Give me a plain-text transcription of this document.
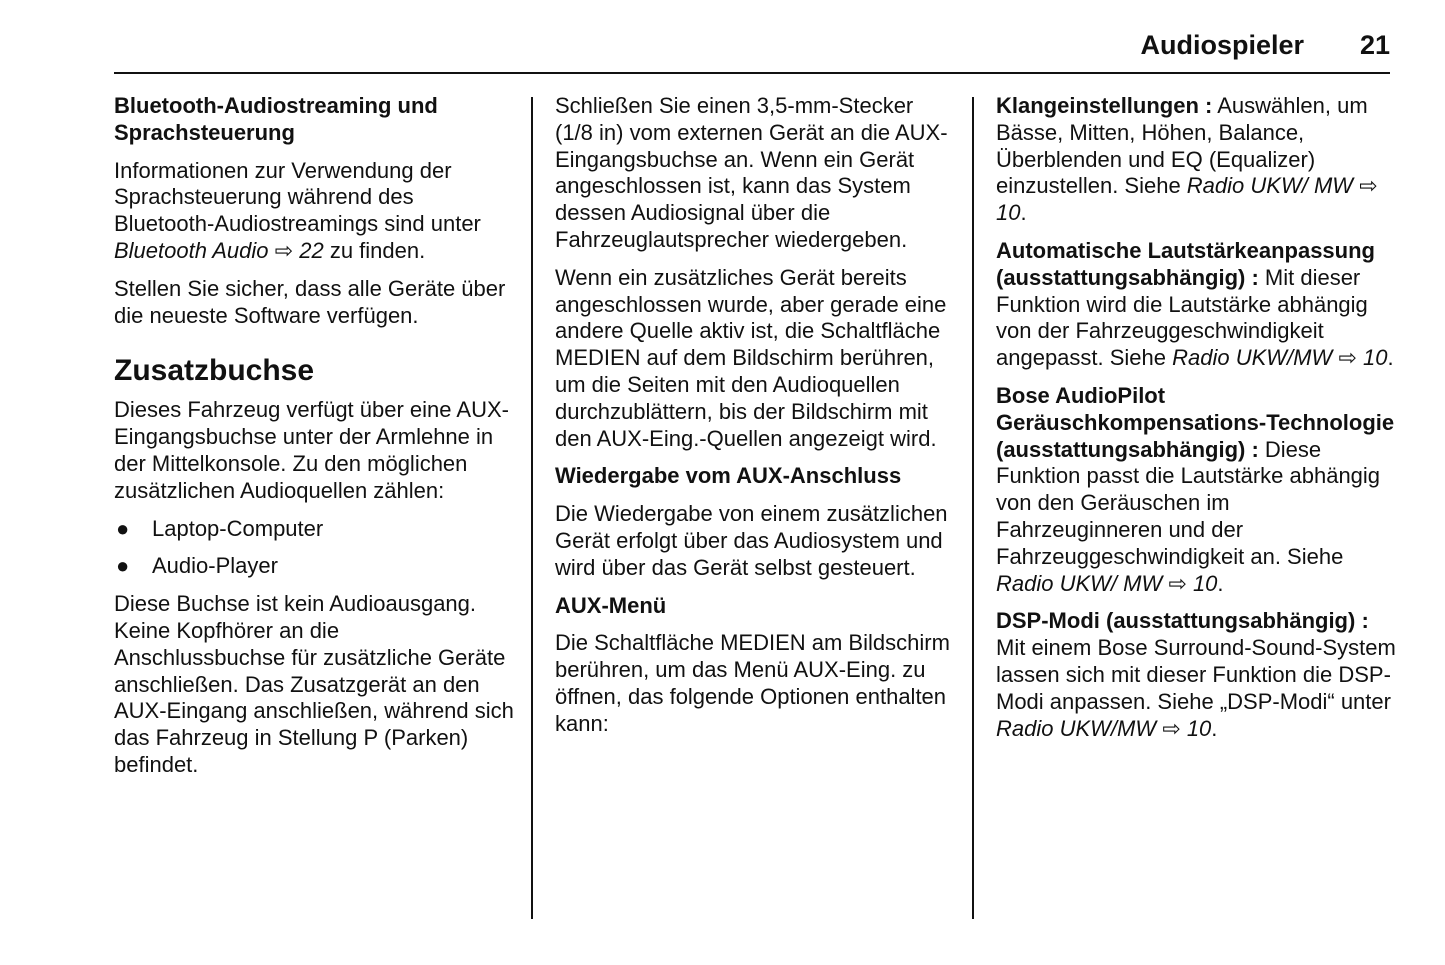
Audiospieler 21
Bluetooth-Audiostreaming und Sprachsteuerung

Informationen zur Verwendung der Sprachsteuerung während des Bluetooth-Audiostreamings sind unter Bluetooth Audio ⇨ 22 zu finden.

Stellen Sie sicher, dass alle Geräte über die neueste Software verfügen.

Zusatzbuchse

Dieses Fahrzeug verfügt über eine AUX-Eingangsbuchse unter der Armlehne in der Mittelkonsole. Zu den möglichen zusätzlichen Audioquellen zählen:

● Laptop-Computer
● Audio-Player

Diese Buchse ist kein Audioausgang. Keine Kopfhörer an die Anschlussbuchse für zusätzliche Geräte anschließen. Das Zusatzgerät an den AUX-Eingang anschließen, während sich das Fahrzeug in Stellung P (Parken) befindet.

Schließen Sie einen 3,5-mm-Stecker (1/8 in) vom externen Gerät an die AUX-Eingangsbuchse an. Wenn ein Gerät angeschlossen ist, kann das System dessen Audiosignal über die Fahrzeuglautsprecher wiedergeben.

Wenn ein zusätzliches Gerät bereits angeschlossen wurde, aber gerade eine andere Quelle aktiv ist, die Schaltfläche MEDIEN auf dem Bildschirm berühren, um die Seiten mit den Audioquellen durchzublättern, bis der Bildschirm mit den AUX-Eing.-Quellen angezeigt wird.

Wiedergabe vom AUX-Anschluss

Die Wiedergabe von einem zusätzlichen Gerät erfolgt über das Audiosystem und wird über das Gerät selbst gesteuert.

AUX-Menü

Die Schaltfläche MEDIEN am Bildschirm berühren, um das Menü AUX-Eing. zu öffnen, das folgende Optionen enthalten kann:

Klangeinstellungen : Auswählen, um Bässe, Mitten, Höhen, Balance, Überblenden und EQ (Equalizer) einzustellen. Siehe Radio UKW/ MW ⇨ 10.

Automatische Lautstärkeanpassung (ausstattungsabhängig) : Mit dieser Funktion wird die Lautstärke abhängig von der Fahrzeuggeschwindigkeit angepasst. Siehe Radio UKW/MW ⇨ 10.

Bose AudioPilot Geräuschkompensations-Technologie (ausstattungsabhängig) : Diese Funktion passt die Lautstärke abhängig von den Geräuschen im Fahrzeuginneren und der Fahrzeuggeschwindigkeit an. Siehe Radio UKW/ MW ⇨ 10.

DSP-Modi (ausstattungsabhängig) : Mit einem Bose Surround-Sound-System lassen sich mit dieser Funktion die DSP-Modi anpassen. Siehe „DSP-Modi“ unter Radio UKW/MW ⇨ 10.
